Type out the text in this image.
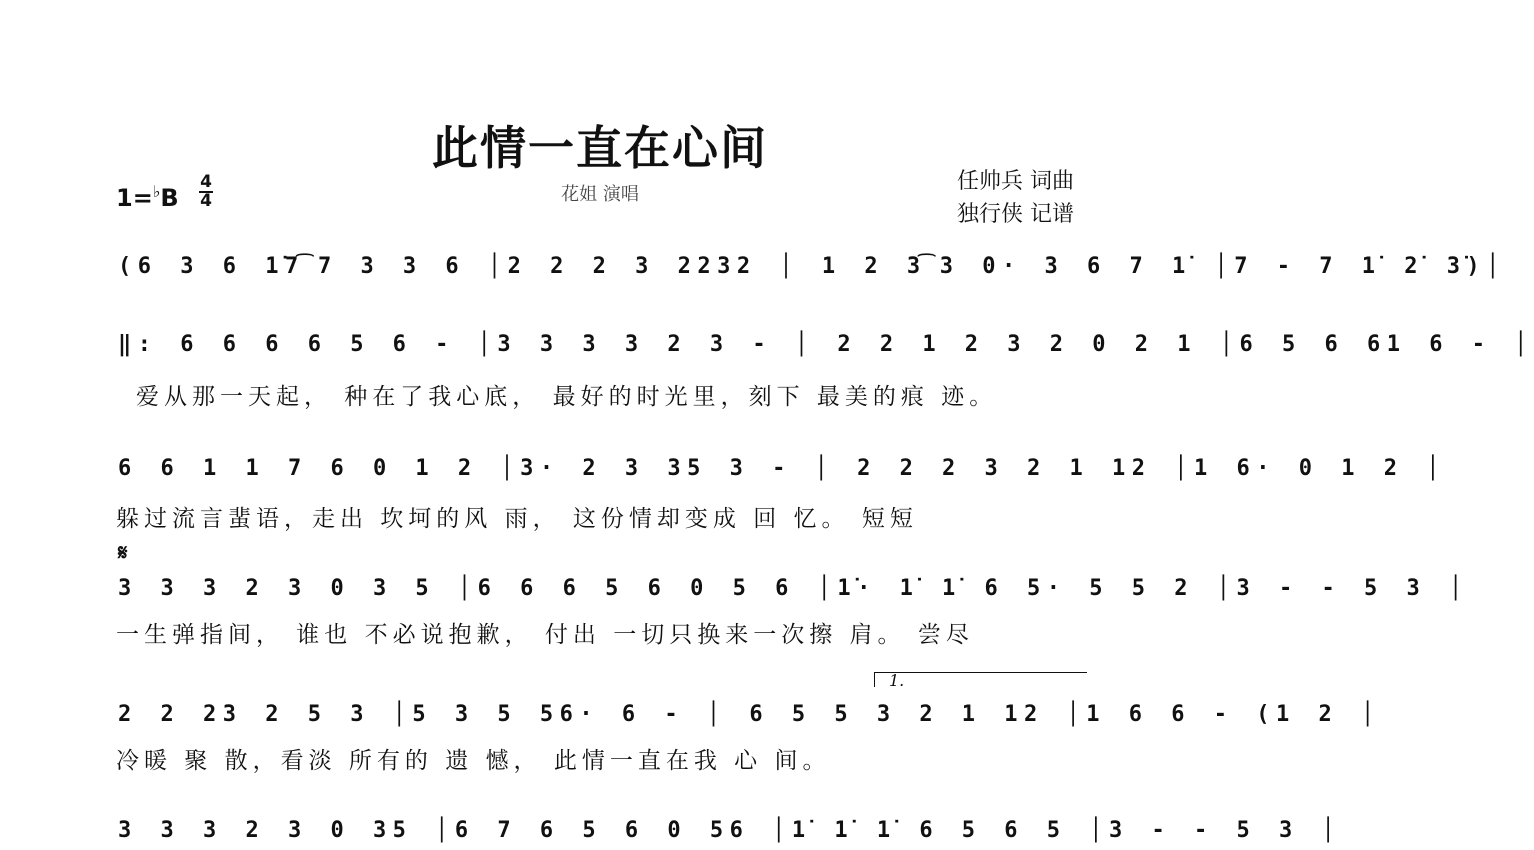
此情一直在心间
花姐 演唱
任帅兵 词曲
独行侠 记谱
1=♭B
4
4
(6 3 6 1̇7͡7 3 3 6 │2 2 2 3 2232 │ 1 2 3͡3 0· 3 6 7 1̇ │7 - 7 1̇ 2̇ 3̇)│
‖: 6 6 6 6 5 6 - │3 3 3 3 2 3 - │ 2 2 1 2 3 2 0 2 1 │6 5 6 61 6 - │
爱从那一天起， 种在了我心底， 最好的时光里，刻下 最美的痕 迹。
6 6 1 1 7 6 0 1 2 │3· 2 3 35 3 - │ 2 2 2 3 2 1 12 │1 6· 0 1 2 │
躲过流言蜚语，走出 坎坷的风 雨， 这份情却变成 回 忆。 短短
𝄋
3 3 3 2 3 0 3 5 │6 6 6 5 6 0 5 6 │1̇· 1̇ 1̇ 6 5· 5 5 2 │3 - - 5 3 │
一生弹指间， 谁也 不必说抱歉， 付出 一切只换来一次擦 肩。 尝尽
1.
2 2 23 2 5 3 │5 3 5 56· 6 - │ 6 5 5 3 2 1 12 │1 6 6 - (1 2 │
冷暖 聚 散，看淡 所有的 遗 憾， 此情一直在我 心 间。
3 3 3 2 3 0 35 │6 7 6 5 6 0 56 │1̇ 1̇ 1̇ 6 5 6 5 │3 - - 5 3 │
